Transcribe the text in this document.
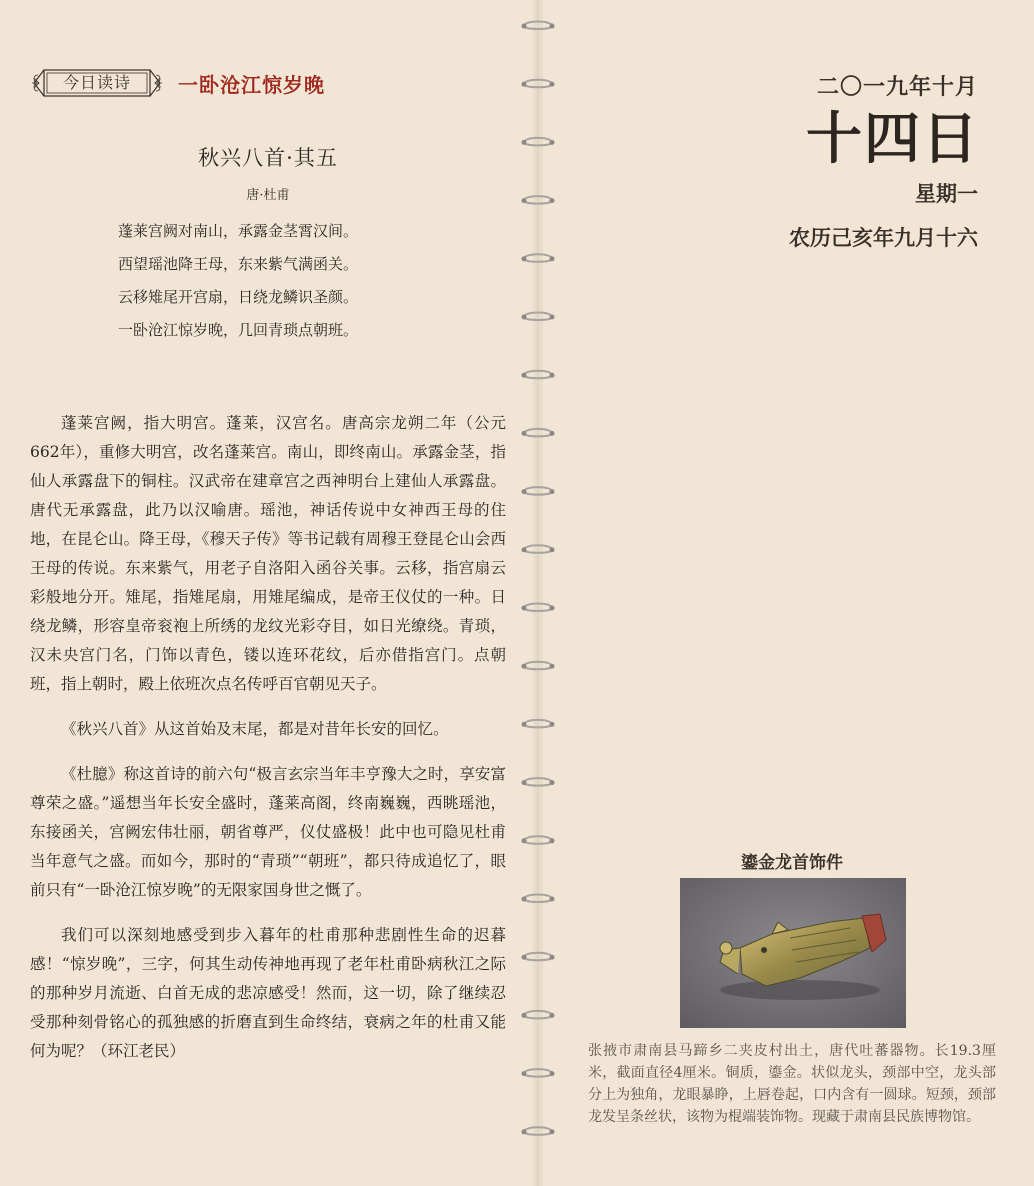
今日读诗	一卧沧江惊岁晚
秋兴八首·其五
唐·杜甫
蓬莱宫阙对南山，承露金茎霄汉间。
西望瑶池降王母，东来紫气满函关。
云移雉尾开宫扇，日绕龙鳞识圣颜。
一卧沧江惊岁晚，几回青琐点朝班。

蓬莱宫阙，指大明宫。蓬莱，汉宫名。唐高宗龙朔二年（公元662年），重修大明宫，改名蓬莱宫。南山，即终南山。承露金茎，指仙人承露盘下的铜柱。汉武帝在建章宫之西神明台上建仙人承露盘。唐代无承露盘，此乃以汉喻唐。瑶池，神话传说中女神西王母的住地，在昆仑山。降王母，《穆天子传》等书记载有周穆王登昆仑山会西王母的传说。东来紫气，用老子自洛阳入函谷关事。云移，指宫扇云彩般地分开。雉尾，指雉尾扇，用雉尾编成，是帝王仪仗的一种。日绕龙鳞，形容皇帝衮袍上所绣的龙纹光彩夺目，如日光缭绕。青琐，汉未央宫门名，门饰以青色，镂以连环花纹，后亦借指宫门。点朝班，指上朝时，殿上依班次点名传呼百官朝见天子。

《秋兴八首》从这首始及末尾，都是对昔年长安的回忆。

《杜臆》称这首诗的前六句“极言玄宗当年丰亨豫大之时，享安富尊荣之盛。”遥想当年长安全盛时，蓬莱高阁，终南巍巍，西眺瑶池，东接函关，宫阙宏伟壮丽，朝省尊严，仪仗盛极！此中也可隐见杜甫当年意气之盛。而如今，那时的“青琐”“朝班”，都只待成追忆了，眼前只有“一卧沧江惊岁晚”的无限家国身世之慨了。

我们可以深刻地感受到步入暮年的杜甫那种悲剧性生命的迟暮感！“惊岁晚”，三字，何其生动传神地再现了老年杜甫卧病秋江之际的那种岁月流逝、白首无成的悲凉感受！然而，这一切，除了继续忍受那种刻骨铭心的孤独感的折磨直到生命终结，衰病之年的杜甫又能何为呢？（环江老民）

二〇一九年十月
十四日
星期一
农历己亥年九月十六
鎏金龙首饰件
张掖市肃南县马蹄乡二夹皮村出土，唐代吐蕃器物。长19.3厘米，截面直径4厘米。铜质，鎏金。状似龙头，颈部中空，龙头部分上为独角，龙眼暴睁，上唇卷起，口内含有一圆球。短颈，颈部龙发呈条丝状，该物为棍端装饰物。现藏于肃南县民族博物馆。
